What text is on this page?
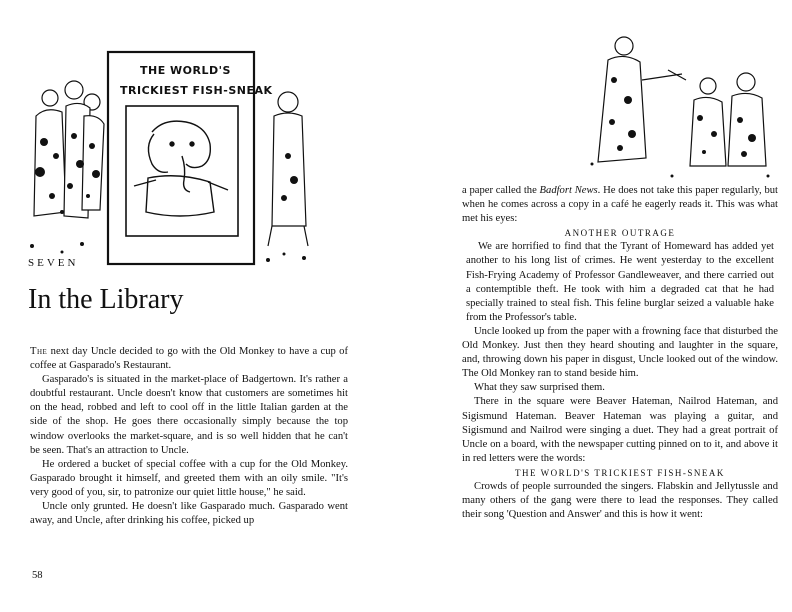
THE WORLD'S
TRICKIEST FISH-SNEAK
SEVEN
In the Library

The next day Uncle decided to go with the Old Monkey to have a cup of coffee at Gasparado's Restaurant.

Gasparado's is situated in the market-place of Badgertown. It's rather a doubtful restaurant. Uncle doesn't know that customers are sometimes hit on the head, robbed and left to cool off in the little Italian garden at the side of the shop. He goes there occasionally simply because the top window overlooks the market-square, and is so well hidden that he can't be seen. That's an attraction to Uncle.

He ordered a bucket of special coffee with a cup for the Old Monkey. Gasparado brought it himself, and greeted them with an oily smile. "It's very good of you, sir, to patronize our quiet little house," he said.

Uncle only grunted. He doesn't like Gasparado much. Gasparado went away, and Uncle, after drinking his coffee, picked up

58

a paper called the Badfort News. He does not take this paper regularly, but when he comes across a copy in a café he eagerly reads it. This was what met his eyes:

ANOTHER OUTRAGE

We are horrified to find that the Tyrant of Homeward has added yet another to his long list of crimes. He went yesterday to the excellent Fish-Frying Academy of Professor Gandleweaver, and there carried out a contemptible theft. He took with him a degraded cat that he had specially trained to steal fish. This feline burglar seized a valuable hake from the Professor's table.

Uncle looked up from the paper with a frowning face that disturbed the Old Monkey. Just then they heard shouting and laughter in the square, and, throwing down his paper in disgust, Uncle looked out of the window. The Old Monkey ran to stand beside him.

What they saw surprised them.

There in the square were Beaver Hateman, Nailrod Hateman, and Sigismund Hateman. Beaver Hateman was playing a guitar, and Sigismund and Nailrod were singing a duet. They had a great portrait of Uncle on a board, with the newspaper cutting pinned on to it, and above it in red letters were the words:

THE WORLD'S TRICKIEST FISH-SNEAK

Crowds of people surrounded the singers. Flabskin and Jellytussle and many others of the gang were there to lead the responses. They called their song 'Question and Answer' and this is how it went:
